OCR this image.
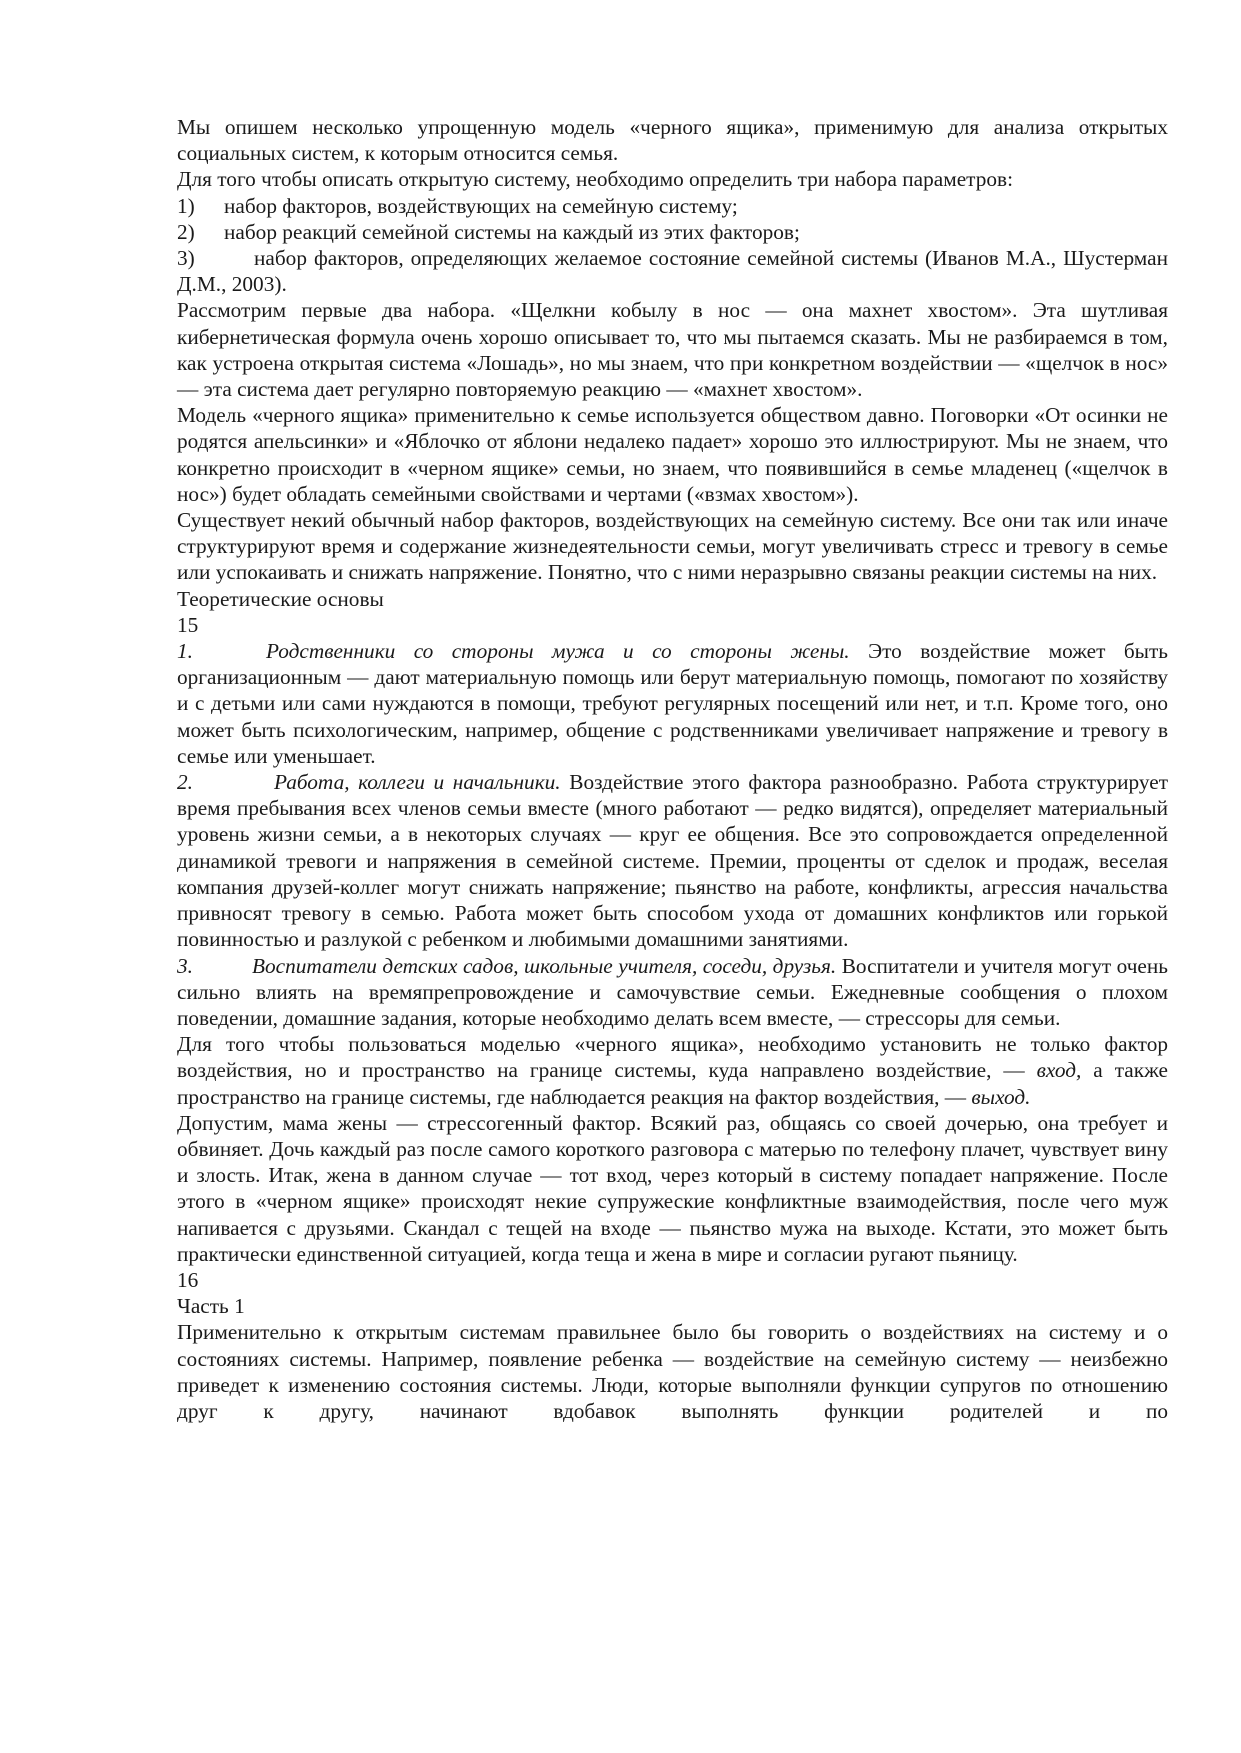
Мы опишем несколько упрощенную модель «черного ящика», применимую для анализа открытых социальных систем, к которым относится семья.

Для того чтобы описать открытую систему, необходимо определить три набора параметров:

1)	набор факторов, воздействующих на семейную систему;
2)	набор реакций семейной системы на каждый из этих факторов;
3)	набор факторов, определяющих желаемое состояние семейной системы (Иванов М.А., Шустерман Д.М., 2003).

Рассмотрим первые два набора. «Щелкни кобылу в нос — она махнет хвостом». Эта шутливая кибернетическая формула очень хорошо описывает то, что мы пытаемся сказать. Мы не разбираемся в том, как устроена открытая система «Лошадь», но мы знаем, что при конкретном воздействии — «щелчок в нос» — эта система дает регулярно повторяемую реакцию — «махнет хвостом».

Модель «черного ящика» применительно к семье используется обществом давно. Поговорки «От осинки не родятся апельсинки» и «Яблочко от яблони недалеко падает» хорошо это иллюстрируют. Мы не знаем, что конкретно происходит в «черном ящике» семьи, но знаем, что появившийся в семье младенец («щелчок в нос») будет обладать семейными свойствами и чертами («взмах хвостом»).

Существует некий обычный набор факторов, воздействующих на семейную систему. Все они так или иначе структурируют время и содержание жизнедеятельности семьи, могут увеличивать стресс и тревогу в семье или успокаивать и снижать напряжение. Понятно, что с ними неразрывно связаны реакции системы на них.

Теоретические основы

15

1.	Родственники со стороны мужа и со стороны жены. Это воздействие может быть организационным — дают материальную помощь или берут материальную помощь, помогают по хозяйству и с детьми или сами нуждаются в помощи, требуют регулярных посещений или нет, и т.п. Кроме того, оно может быть психологическим, например, общение с родственниками увеличивает напряжение и тревогу в семье или уменьшает.

2.	Работа, коллеги и начальники. Воздействие этого фактора разнообразно. Работа структурирует время пребывания всех членов семьи вместе (много работают — редко видятся), определяет материальный уровень жизни семьи, а в некоторых случаях — круг ее общения. Все это сопровождается определенной динамикой тревоги и напряжения в семейной системе. Премии, проценты от сделок и продаж, веселая компания друзей-коллег могут снижать напряжение; пьянство на работе, конфликты, агрессия начальства привносят тревогу в семью. Работа может быть способом ухода от домашних конфликтов или горькой повинностью и разлукой с ребенком и любимыми домашними занятиями.

3.	Воспитатели детских садов, школьные учителя, соседи, друзья. Воспитатели и учителя могут очень сильно влиять на времяпрепровождение и самочувствие семьи. Ежедневные сообщения о плохом поведении, домашние задания, которые необходимо делать всем вместе, — стрессоры для семьи.

Для того чтобы пользоваться моделью «черного ящика», необходимо установить не только фактор воздействия, но и пространство на границе системы, куда направлено воздействие, — вход, а также пространство на границе системы, где наблюдается реакция на фактор воздействия, — выход.

Допустим, мама жены — стрессогенный фактор. Всякий раз, общаясь со своей дочерью, она требует и обвиняет. Дочь каждый раз после самого короткого разговора с матерью по телефону плачет, чувствует вину и злость. Итак, жена в данном случае — тот вход, через который в систему попадает напряжение. После этого в «черном ящике» происходят некие супружеские конфликтные взаимодействия, после чего муж напивается с друзьями. Скандал с тещей на входе — пьянство мужа на выходе. Кстати, это может быть практически единственной ситуацией, когда теща и жена в мире и согласии ругают пьяницу.

16

Часть 1

Применительно к открытым системам правильнее было бы говорить о воздействиях на систему и о состояниях системы. Например, появление ребенка — воздействие на семейную систему — неизбежно приведет к изменению состояния системы. Люди, которые выполняли функции супругов по отношению друг к другу, начинают вдобавок выполнять функции родителей и по
